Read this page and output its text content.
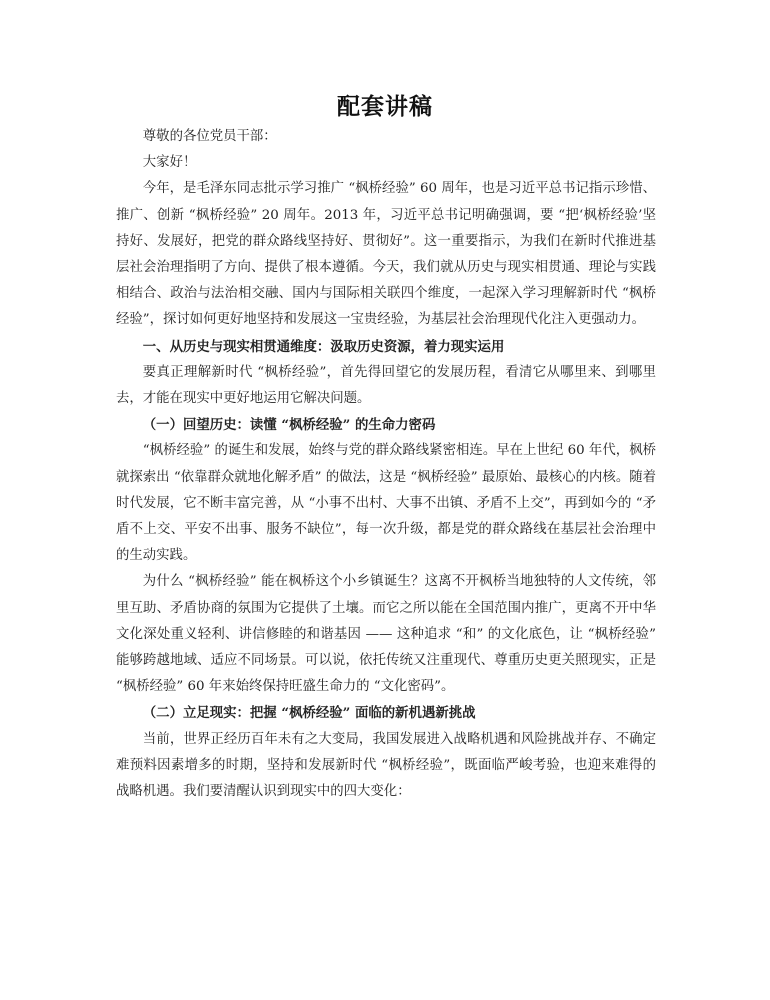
配套讲稿

尊敬的各位党员干部：

大家好！

今年，是毛泽东同志批示学习推广 “枫桥经验” 60 周年，也是习近平总书记指示珍惜、推广、创新 “枫桥经验” 20 周年。2013 年，习近平总书记明确强调，要 “把‘枫桥经验’坚持好、发展好，把党的群众路线坚持好、贯彻好”。这一重要指示，为我们在新时代推进基层社会治理指明了方向、提供了根本遵循。今天，我们就从历史与现实相贯通、理论与实践相结合、政治与法治相交融、国内与国际相关联四个维度，一起深入学习理解新时代 “枫桥经验”，探讨如何更好地坚持和发展这一宝贵经验，为基层社会治理现代化注入更强动力。

一、从历史与现实相贯通维度：汲取历史资源，着力现实运用

要真正理解新时代 “枫桥经验”，首先得回望它的发展历程，看清它从哪里来、到哪里去，才能在现实中更好地运用它解决问题。

（一）回望历史：读懂 “枫桥经验” 的生命力密码

“枫桥经验” 的诞生和发展，始终与党的群众路线紧密相连。早在上世纪 60 年代，枫桥就探索出 “依靠群众就地化解矛盾” 的做法，这是 “枫桥经验” 最原始、最核心的内核。随着时代发展，它不断丰富完善，从 “小事不出村、大事不出镇、矛盾不上交”，再到如今的 “矛盾不上交、平安不出事、服务不缺位”，每一次升级，都是党的群众路线在基层社会治理中的生动实践。

为什么 “枫桥经验” 能在枫桥这个小乡镇诞生？这离不开枫桥当地独特的人文传统，邻里互助、矛盾协商的氛围为它提供了土壤。而它之所以能在全国范围内推广，更离不开中华文化深处重义轻利、讲信修睦的和谐基因 —— 这种追求 “和” 的文化底色，让 “枫桥经验” 能够跨越地域、适应不同场景。可以说，依托传统又注重现代、尊重历史更关照现实，正是 “枫桥经验” 60 年来始终保持旺盛生命力的 “文化密码”。

（二）立足现实：把握 “枫桥经验” 面临的新机遇新挑战

当前，世界正经历百年未有之大变局，我国发展进入战略机遇和风险挑战并存、不确定难预料因素增多的时期，坚持和发展新时代 “枫桥经验”，既面临严峻考验，也迎来难得的战略机遇。我们要清醒认识到现实中的四大变化：
